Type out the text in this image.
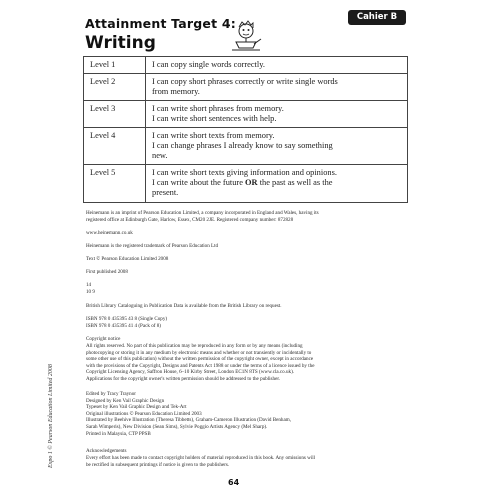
Attainment Target 4:
Writing
Cahier B
Level 1	I can copy single words correctly.

Level 2	I can copy short phrases correctly or write single words
from memory.

Level 3	I can write short phrases from memory.
I can write short sentences with help.

Level 4	I can write short texts from memory.
I can change phrases I already know to say something
new.

Level 5	I can write short texts giving information and opinions.
I can write about the future OR the past as well as the
present.
Heinemann is an imprint of Pearson Education Limited, a company incorporated in England and Wales, having its
registered office at Edinburgh Gate, Harlow, Essex, CM20 2JE. Registered company number: 872828
www.heinemann.co.uk
Heinemann is the registered trademark of Pearson Education Ltd
Text © Pearson Education Limited 2008
First published 2008
14
10 9
British Library Cataloguing in Publication Data is available from the British Library on request.
ISBN 978 0 435395 43 8 (Single Copy)
ISBN 978 0 435395 41 4 (Pack of 8)
Copyright notice
All rights reserved. No part of this publication may be reproduced in any form or by any means (including
photocopying or storing it in any medium by electronic means and whether or not transiently or incidentally to
some other use of this publication) without the written permission of the copyright owner, except in accordance
with the provisions of the Copyright, Designs and Patents Act 1988 or under the terms of a licence issued by the
Copyright Licensing Agency, Saffron House, 6–10 Kirby Street, London EC1N 8TS (www.cla.co.uk).
Applications for the copyright owner's written permission should be addressed to the publisher.
Edited by Tracy Traynor
Designed by Ken Vail Graphic Design
Typeset by Ken Vail Graphic Design and Tek-Art
Original illustrations © Pearson Education Limited 2003
Illustrated by Beehive Illustration (Theresa Tibbetts), Graham-Cameron Illustration (David Benham,
Sarah Wimperis), New Division (Sean Sims), Sylvie Poggio Artists Agency (Mel Sharp).
Printed in Malaysia, CTP PPSB
Acknowledgements
Every effort has been made to contact copyright holders of material reproduced in this book. Any omissions will
be rectified in subsequent printings if notice is given to the publishers.
Expo 1 © Pearson Education Limited 2008
64
